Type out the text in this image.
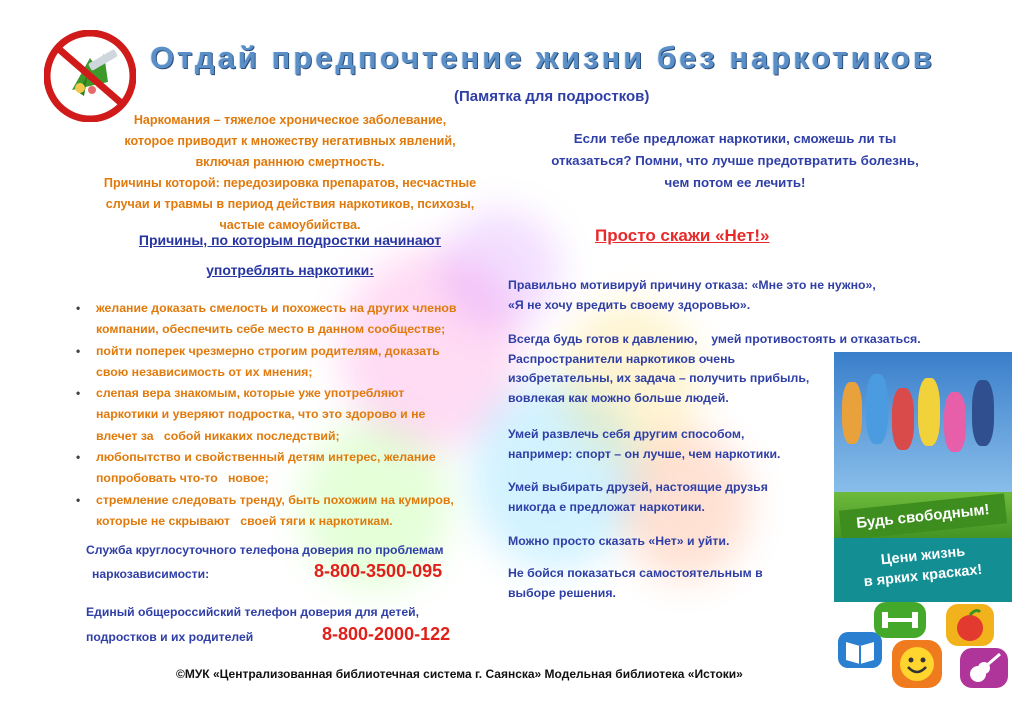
Отдай предпочтение жизни без наркотиков
(Памятка для подростков)
Наркомания – тяжелое хроническое заболевание,
которое приводит к множеству негативных явлений,
включая раннюю смертность.
Причины которой: передозировка препаратов, несчастные
случаи и травмы в период действия наркотиков, психозы,
частые самоубийства.
Причины, по которым подростки начинают
употреблять наркотики:
• желание доказать смелость и похожесть на других членов
компании, обеспечить себе место в данном сообществе;
• пойти поперек чрезмерно строгим родителям, доказать
свою независимость от их мнения;
• слепая вера знакомым, которые уже употребляют
наркотики и уверяют подростка, что это здорово и не
влечет за   собой никаких последствий;
• любопытство и свойственный детям интерес, желание
попробовать что-то   новое;
• стремление следовать тренду, быть похожим на кумиров,
которые не скрывают   своей тяги к наркотикам.
Служба круглосуточного телефона доверия по проблемам
наркозависимости:	8-800-3500-095
Единый общероссийский телефон доверия для детей,
подростков и их родителей	8-800-2000-122
Если тебе предложат наркотики, сможешь ли ты
отказаться? Помни, что лучше предотвратить болезнь,
чем потом ее лечить!
Просто скажи «Нет!»
Правильно мотивируй причину отказа: «Мне это не нужно»,
«Я не хочу вредить своему здоровью».
Всегда будь готов к давлению,    умей противостоять и отказаться.
Распространители наркотиков очень
изобретательны, их задача – получить прибыль,
вовлекая как можно больше людей.
Умей развлечь себя другим способом,
например: спорт – он лучше, чем наркотики.
Умей выбирать друзей, настоящие друзья
никогда е предложат наркотики.
Можно просто сказать «Нет» и уйти.
Не бойся показаться самостоятельным в
выборе решения.
Будь свободным!
Цени жизнь
в ярких красках!
©МУК «Централизованная библиотечная система г. Саянска» Модельная библиотека «Истоки»
